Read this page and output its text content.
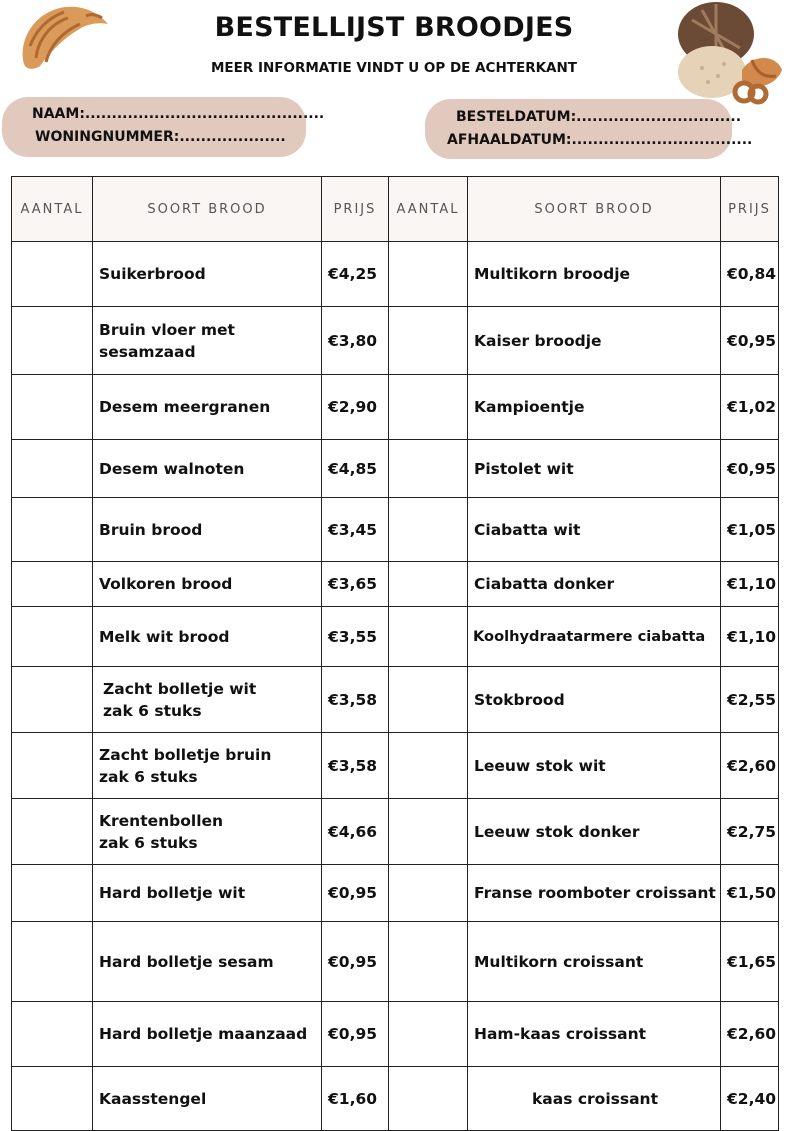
BESTELLIJST BROODJES
MEER INFORMATIE VINDT U OP DE ACHTERKANT
NAAM:.............................................
WONINGNUMMER:....................
BESTELDATUM:...............................
AFHAALDATUM:..................................
AANTAL	SOORT BROOD	PRIJS	AANTAL	SOORT BROOD	PRIJS
	Suikerbrood	€4,25		Multikorn broodje	€0,84
	Bruin vloer met sesamzaad	€3,80		Kaiser broodje	€0,95
	Desem meergranen	€2,90		Kampioentje	€1,02
	Desem walnoten	€4,85		Pistolet wit	€0,95
	Bruin brood	€3,45		Ciabatta wit	€1,05
	Volkoren brood	€3,65		Ciabatta donker	€1,10
	Melk wit brood	€3,55		Koolhydraatarmere ciabatta	€1,10

	Zacht bolletje wit zak 6 stuks	€3,58		Stokbrood	€2,55

	Zacht bolletje bruin zak 6 stuks	€3,58		Leeuw stok wit	€2,60

	Krentenbollen zak 6 stuks	€4,66		Leeuw stok donker	€2,75
	Hard bolletje wit	€0,95		Franse roomboter croissant	€1,50
	Hard bolletje sesam	€0,95		Multikorn croissant	€1,65
	Hard bolletje maanzaad	€0,95		Ham-kaas croissant	€2,60
	Kaasstengel	€1,60		kaas croissant	€2,40
